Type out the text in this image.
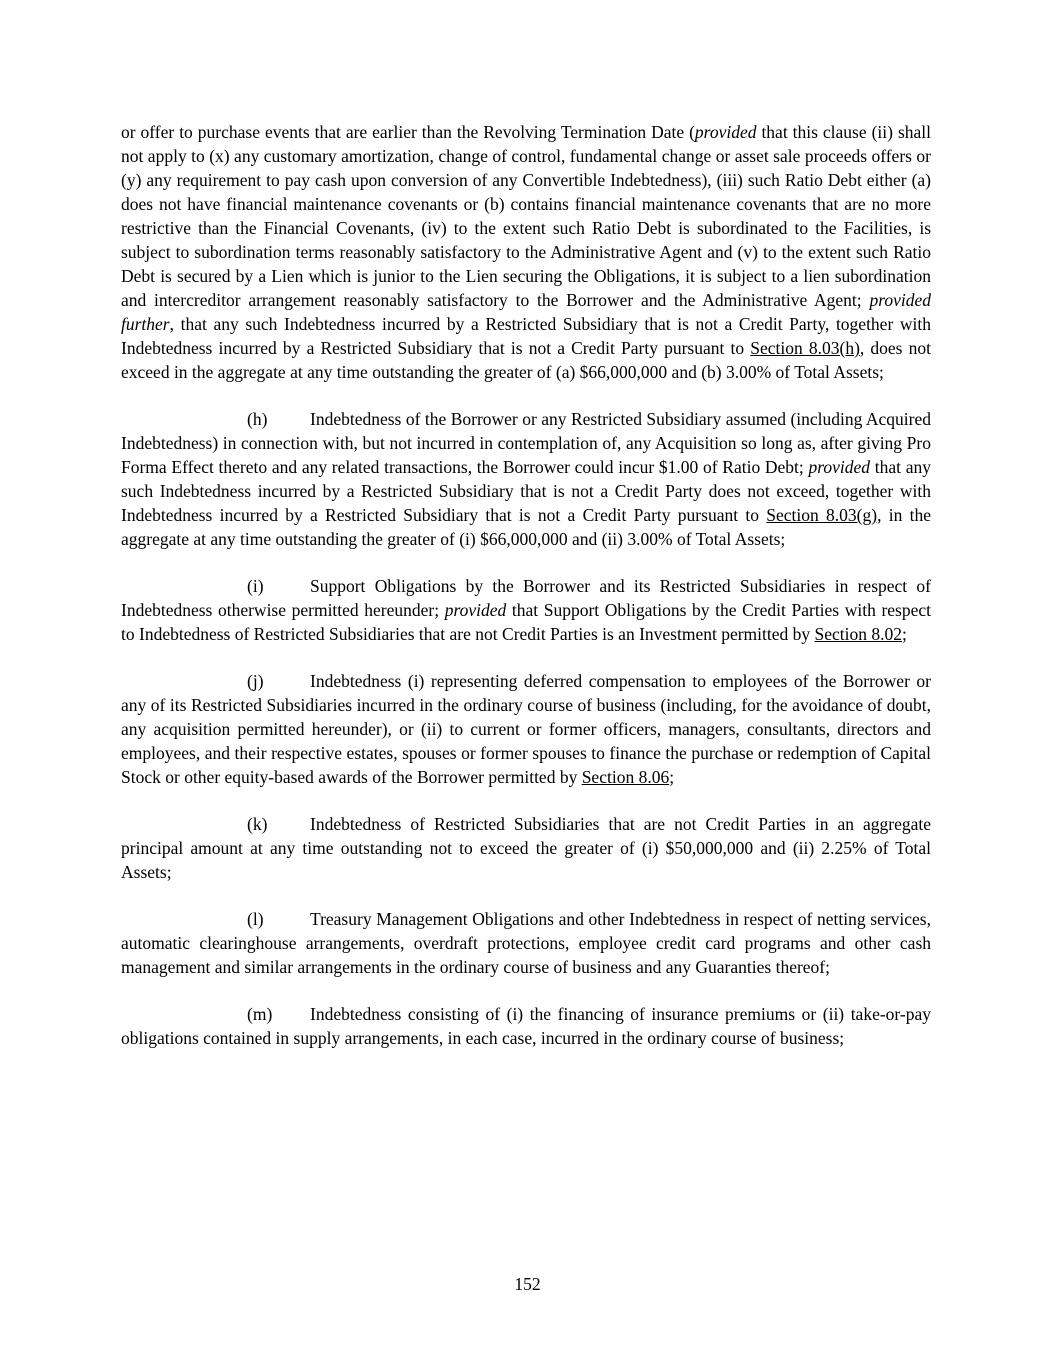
or offer to purchase events that are earlier than the Revolving Termination Date (provided that this clause (ii) shall not apply to (x) any customary amortization, change of control, fundamental change or asset sale proceeds offers or (y) any requirement to pay cash upon conversion of any Convertible Indebtedness), (iii) such Ratio Debt either (a) does not have financial maintenance covenants or (b) contains financial maintenance covenants that are no more restrictive than the Financial Covenants, (iv) to the extent such Ratio Debt is subordinated to the Facilities, is subject to subordination terms reasonably satisfactory to the Administrative Agent and (v) to the extent such Ratio Debt is secured by a Lien which is junior to the Lien securing the Obligations, it is subject to a lien subordination and intercreditor arrangement reasonably satisfactory to the Borrower and the Administrative Agent; provided further, that any such Indebtedness incurred by a Restricted Subsidiary that is not a Credit Party, together with Indebtedness incurred by a Restricted Subsidiary that is not a Credit Party pursuant to Section 8.03(h), does not exceed in the aggregate at any time outstanding the greater of (a) $66,000,000 and (b) 3.00% of Total Assets;

(h) Indebtedness of the Borrower or any Restricted Subsidiary assumed (including Acquired Indebtedness) in connection with, but not incurred in contemplation of, any Acquisition so long as, after giving Pro Forma Effect thereto and any related transactions, the Borrower could incur $1.00 of Ratio Debt; provided that any such Indebtedness incurred by a Restricted Subsidiary that is not a Credit Party does not exceed, together with Indebtedness incurred by a Restricted Subsidiary that is not a Credit Party pursuant to Section 8.03(g), in the aggregate at any time outstanding the greater of (i) $66,000,000 and (ii) 3.00% of Total Assets;

(i)	Support Obligations by the Borrower and its Restricted Subsidiaries in respect of Indebtedness otherwise permitted hereunder; provided that Support Obligations by the Credit Parties with respect to Indebtedness of Restricted Subsidiaries that are not Credit Parties is an Investment permitted by Section 8.02;

(j)	Indebtedness (i) representing deferred compensation to employees of the Borrower or any of its Restricted Subsidiaries incurred in the ordinary course of business (including, for the avoidance of doubt, any acquisition permitted hereunder), or (ii) to current or former officers, managers, consultants, directors and employees, and their respective estates, spouses or former spouses to finance the purchase or redemption of Capital Stock or other equity-based awards of the Borrower permitted by Section 8.06;

(k) Indebtedness of Restricted Subsidiaries that are not Credit Parties in an aggregate principal amount at any time outstanding not to exceed the greater of (i) $50,000,000 and (ii) 2.25% of Total Assets;

(l)	Treasury Management Obligations and other Indebtedness in respect of netting services, automatic clearinghouse arrangements, overdraft protections, employee credit card programs and other cash management and similar arrangements in the ordinary course of business and any Guaranties thereof;

(m) Indebtedness consisting of (i) the financing of insurance premiums or (ii) take-or-pay obligations contained in supply arrangements, in each case, incurred in the ordinary course of business;

152
